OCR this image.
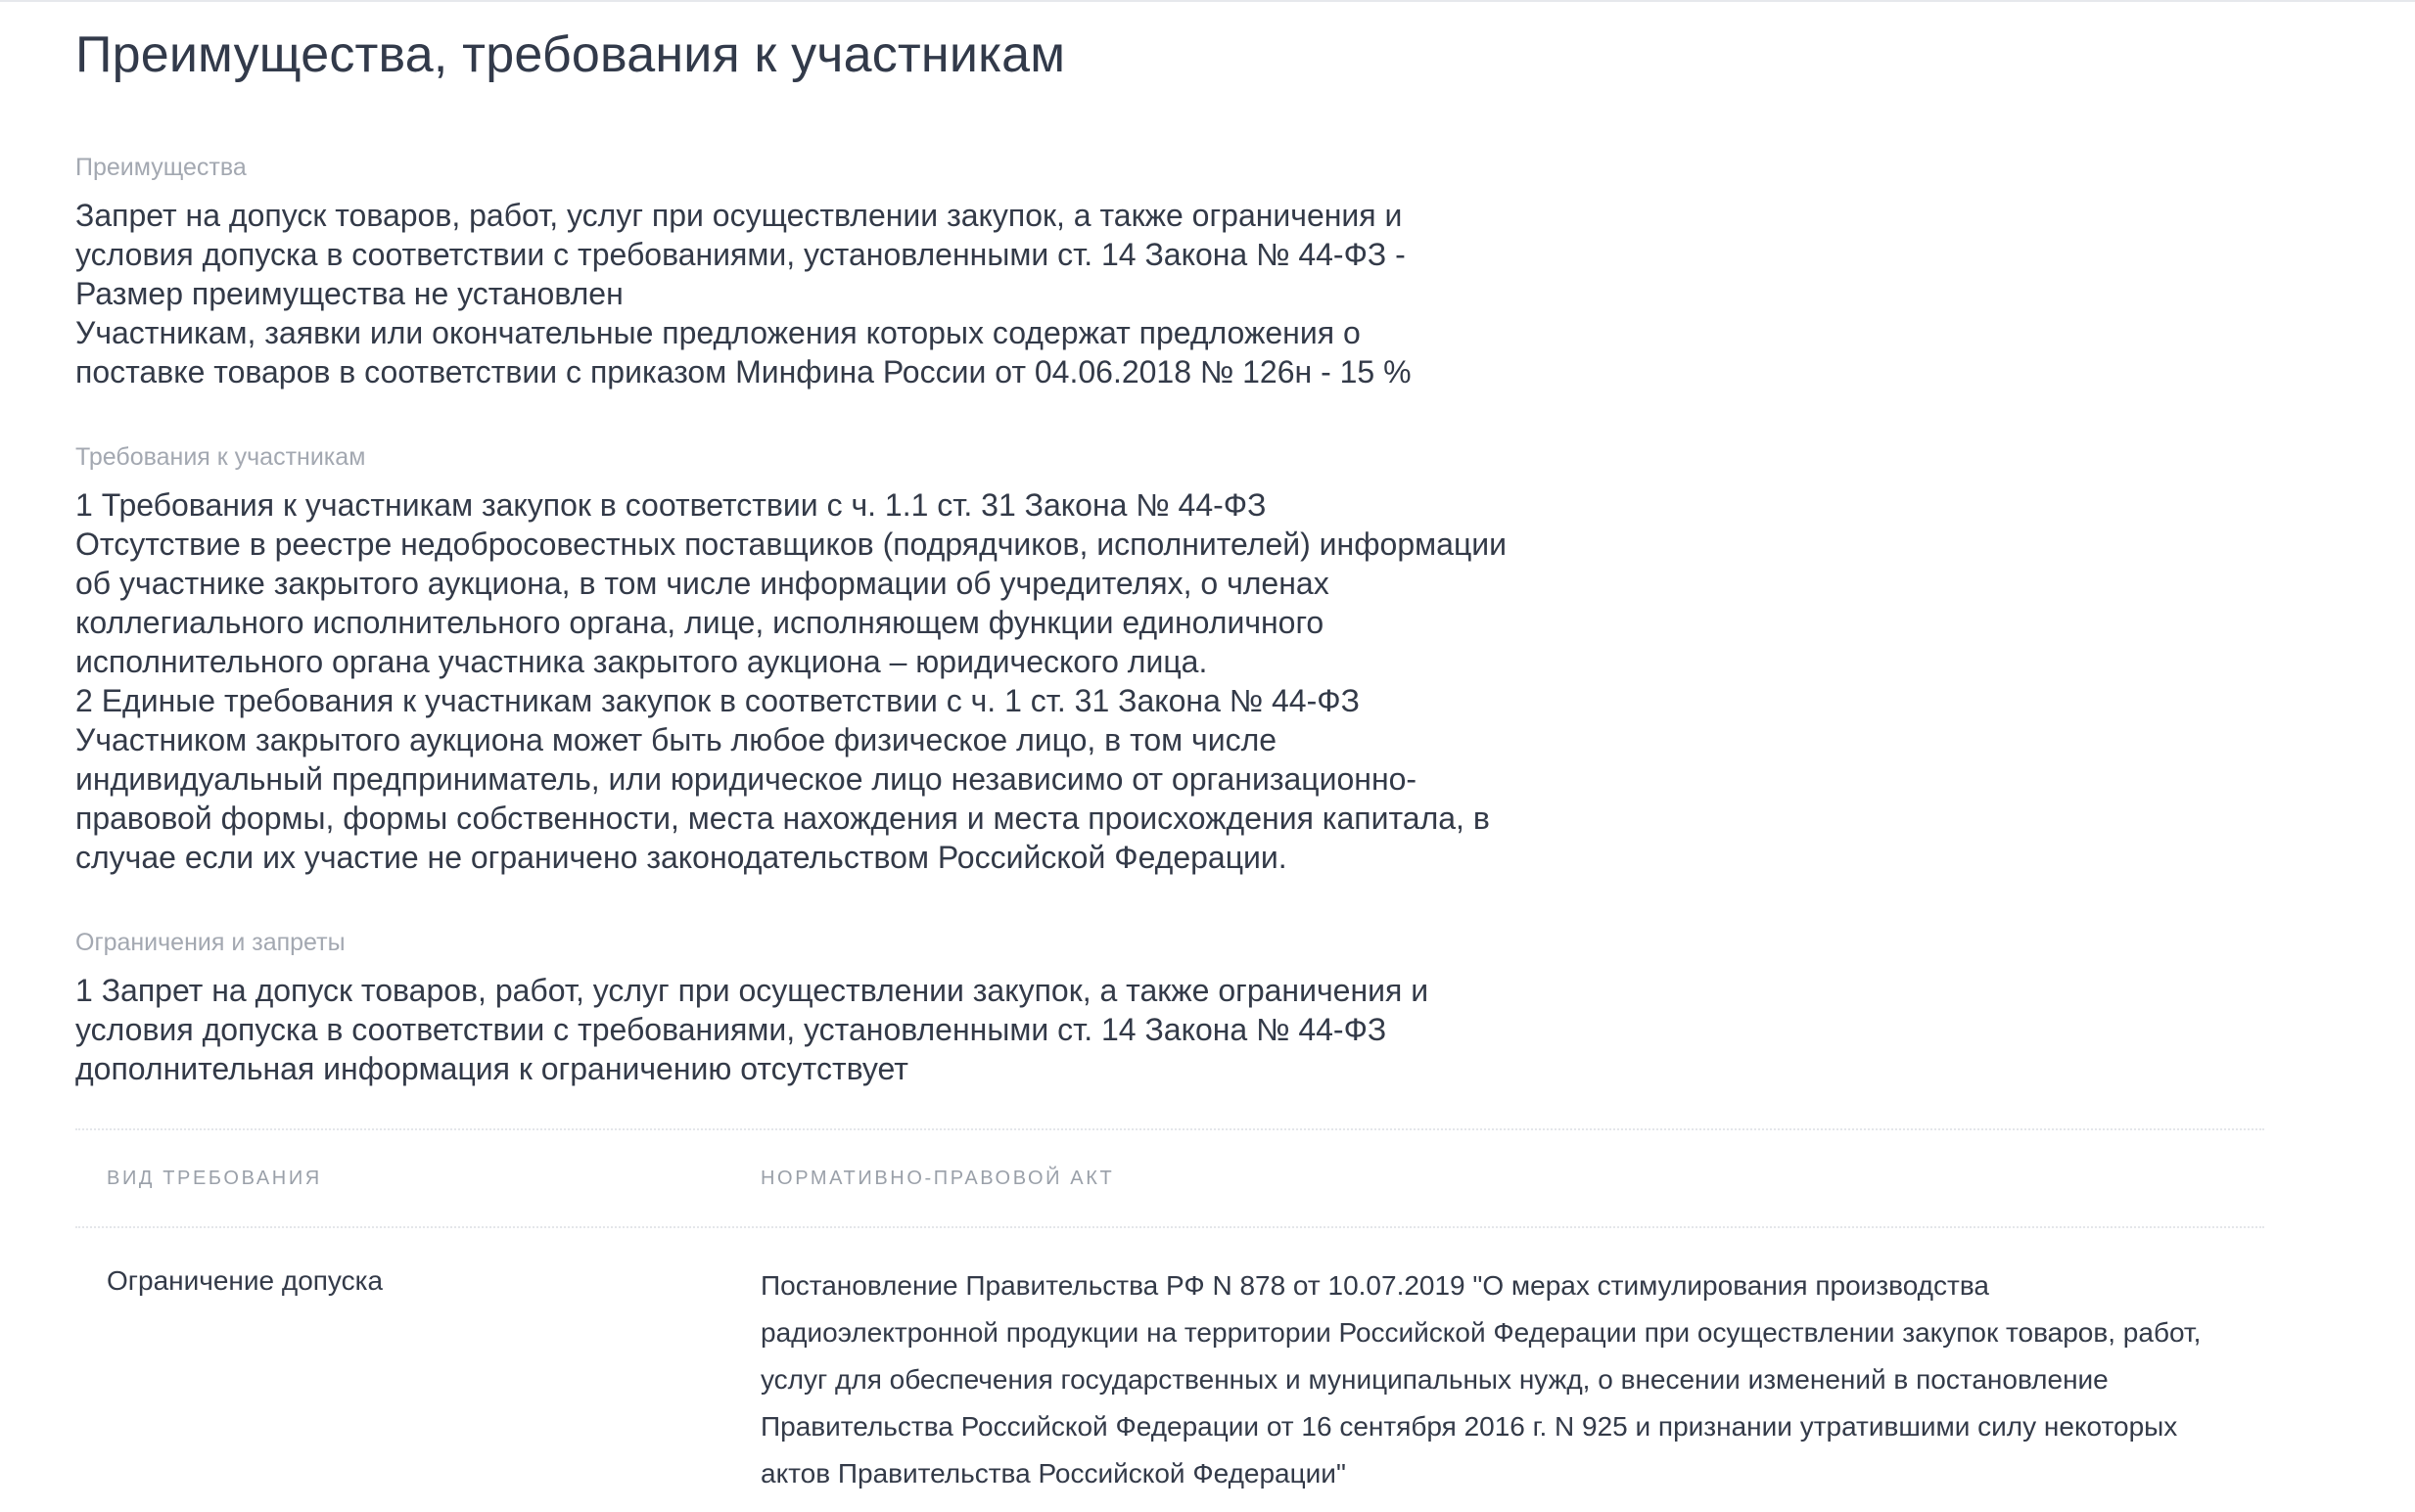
Преимущества, требования к участникам
Преимущества
Запрет на допуск товаров, работ, услуг при осуществлении закупок, а также ограничения и
условия допуска в соответствии с требованиями, установленными ст. 14 Закона № 44-ФЗ -
Размер преимущества не установлен
Участникам, заявки или окончательные предложения которых содержат предложения о
поставке товаров в соответствии с приказом Минфина России от 04.06.2018 № 126н - 15 %
Требования к участникам
1 Требования к участникам закупок в соответствии с ч. 1.1 ст. 31 Закона № 44-ФЗ
Отсутствие в реестре недобросовестных поставщиков (подрядчиков, исполнителей) информации
об участнике закрытого аукциона, в том числе информации об учредителях, о членах
коллегиального исполнительного органа, лице, исполняющем функции единоличного
исполнительного органа участника закрытого аукциона – юридического лица.
2 Единые требования к участникам закупок в соответствии с ч. 1 ст. 31 Закона № 44-ФЗ
Участником закрытого аукциона может быть любое физическое лицо, в том числе
индивидуальный предприниматель, или юридическое лицо независимо от организационно-
правовой формы, формы собственности, места нахождения и места происхождения капитала, в
случае если их участие не ограничено законодательством Российской Федерации.
Ограничения и запреты
1 Запрет на допуск товаров, работ, услуг при осуществлении закупок, а также ограничения и
условия допуска в соответствии с требованиями, установленными ст. 14 Закона № 44-ФЗ
дополнительная информация к ограничению отсутствует
ВИД ТРЕБОВАНИЯ	НОРМАТИВНО-ПРАВОВОЙ АКТ
Ограничение допуска	Постановление Правительства РФ N 878 от 10.07.2019 "О мерах стимулирования производства
радиоэлектронной продукции на территории Российской Федерации при осуществлении закупок товаров, работ,
услуг для обеспечения государственных и муниципальных нужд, о внесении изменений в постановление
Правительства Российской Федерации от 16 сентября 2016 г. N 925 и признании утратившими силу некоторых
актов Правительства Российской Федерации"
